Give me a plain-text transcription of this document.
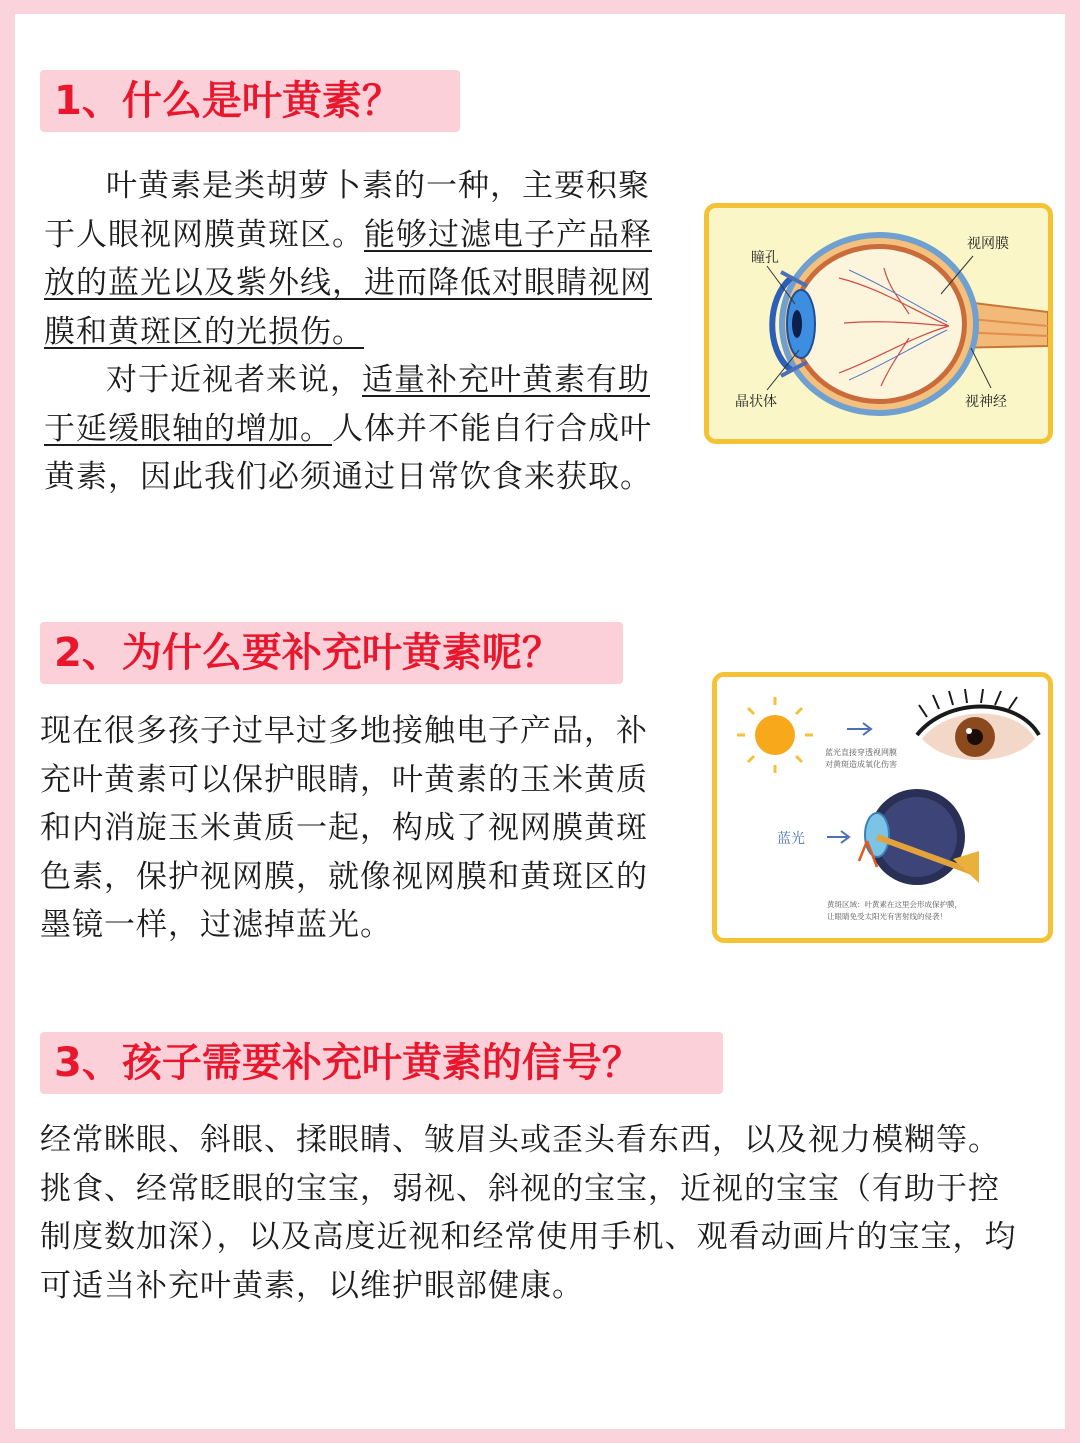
1、什么是叶黄素？

叶黄素是类胡萝卜素的一种，主要积聚于人眼视网膜黄斑区。能够过滤电子产品释放的蓝光以及紫外线，进而降低对眼睛视网膜和黄斑区的光损伤。

对于近视者来说，适量补充叶黄素有助于延缓眼轴的增加。人体并不能自行合成叶黄素，因此我们必须通过日常饮食来获取。

瞳孔
视网膜
晶状体	视神经
2、为什么要补充叶黄素呢？

现在很多孩子过早过多地接触电子产品，补充叶黄素可以保护眼睛，叶黄素的玉米黄质和内消旋玉米黄质一起，构成了视网膜黄斑色素，保护视网膜，就像视网膜和黄斑区的墨镜一样，过滤掉蓝光。

蓝光直接穿透视网膜
对黄斑造成氧化伤害
蓝光
黄斑区域：叶黄素在这里会形成保护膜，
让眼睛免受太阳光有害射线的侵袭！
3、孩子需要补充叶黄素的信号？

经常眯眼、斜眼、揉眼睛、皱眉头或歪头看东西，以及视力模糊等。挑食、经常眨眼的宝宝，弱视、斜视的宝宝，近视的宝宝（有助于控制度数加深），以及高度近视和经常使用手机、观看动画片的宝宝，均可适当补充叶黄素，以维护眼部健康。
